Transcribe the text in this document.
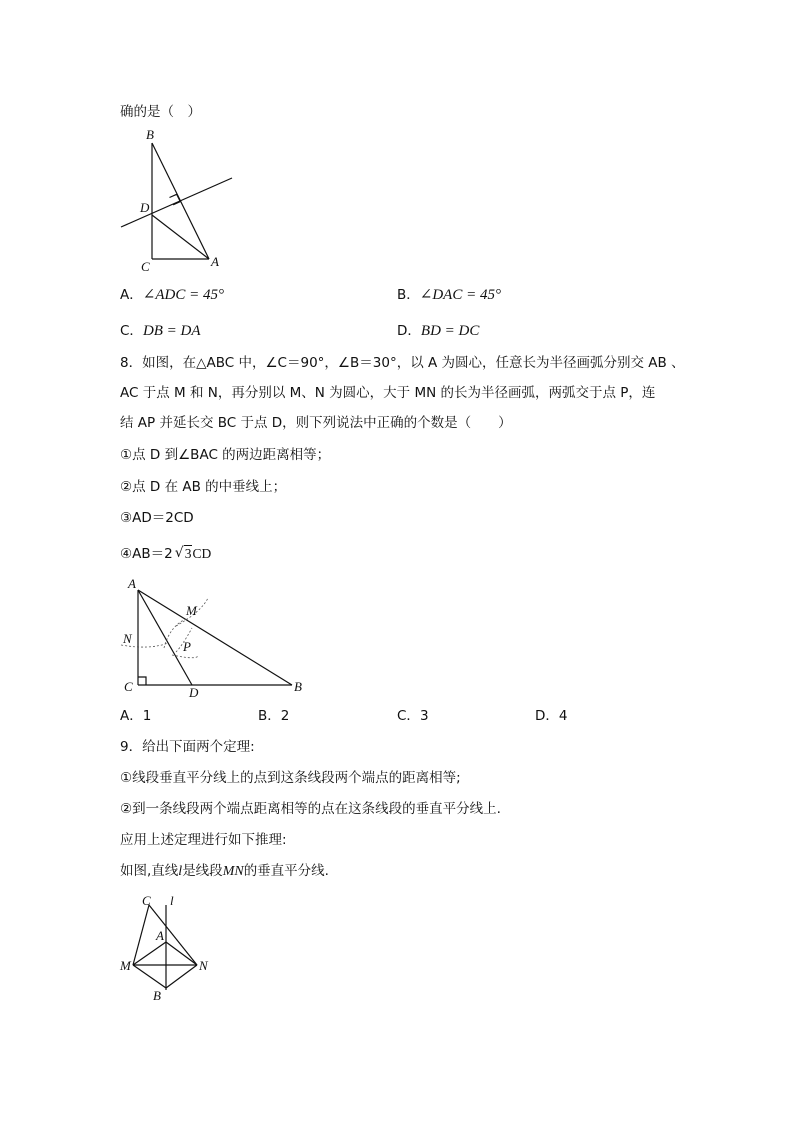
确的是（　）
B
D
C	A
A．∠ADC = 45°	B．∠DAC = 45°
C．DB = DA	D．BD = DC
8．如图，在△ABC 中，∠C＝90°，∠B＝30°，以 A 为圆心，任意长为半径画弧分别交 AB 、
AC 于点 M 和 N，再分别以 M、N 为圆心，大于 MN 的长为半径画弧，两弧交于点 P，连
结 AP 并延长交 BC 于点 D，则下列说法中正确的个数是（　　）
①点 D 到∠BAC 的两边距离相等；
②点 D 在 AB 的中垂线上；
③AD＝2CD
④AB＝2 √ 3CD
A
M
N
P
C	D	B
A．1	B．2	C．3	D．4
9．给出下面两个定理:
①线段垂直平分线上的点到这条线段两个端点的距离相等;
②到一条线段两个端点距离相等的点在这条线段的垂直平分线上.
应用上述定理进行如下推理:
如图,直线l是线段MN的垂直平分线.
C l
A
M	N
B
